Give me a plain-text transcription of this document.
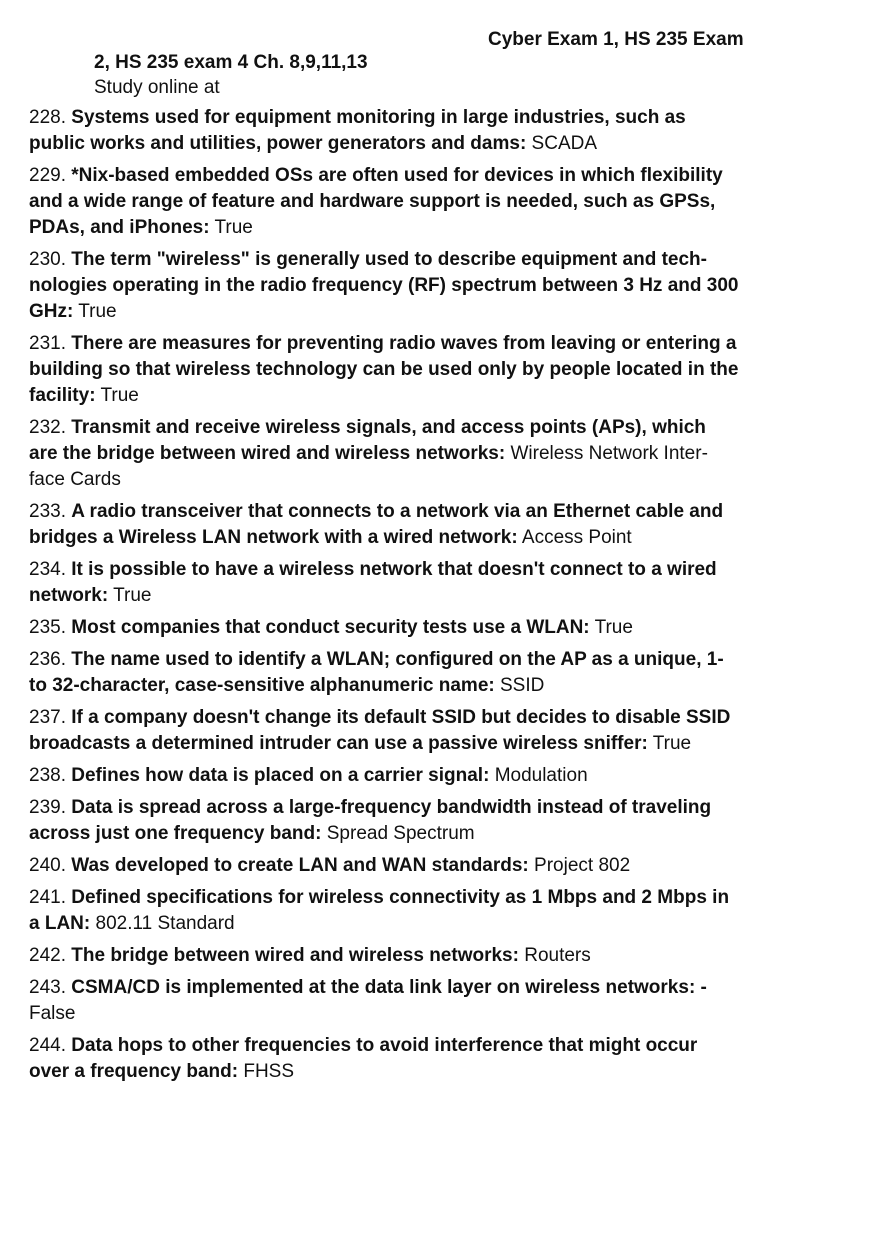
Cyber Exam 1, HS 235 Exam
2, HS 235 exam 4 Ch. 8,9,11,13
Study online at
228. Systems used for equipment monitoring in large industries, such as public works and utilities, power generators and dams: SCADA
229. *Nix-based embedded OSs are often used for devices in which flexibility and a wide range of feature and hardware support is needed, such as GPSs, PDAs, and iPhones: True
230. The term "wireless" is generally used to describe equipment and tech- nologies operating in the radio frequency (RF) spectrum between 3 Hz and 300 GHz: True
231. There are measures for preventing radio waves from leaving or entering a building so that wireless technology can be used only by people located in the facility: True
232. Transmit and receive wireless signals, and access points (APs), which are the bridge between wired and wireless networks: Wireless Network Inter- face Cards
233. A radio transceiver that connects to a network via an Ethernet cable and bridges a Wireless LAN network with a wired network: Access Point
234. It is possible to have a wireless network that doesn't connect to a wired network: True
235. Most companies that conduct security tests use a WLAN: True
236. The name used to identify a WLAN; configured on the AP as a unique, 1- to 32-character, case-sensitive alphanumeric name: SSID
237. If a company doesn't change its default SSID but decides to disable SSID broadcasts a determined intruder can use a passive wireless sniffer: True
238. Defines how data is placed on a carrier signal: Modulation
239. Data is spread across a large-frequency bandwidth instead of traveling across just one frequency band: Spread Spectrum
240. Was developed to create LAN and WAN standards: Project 802
241. Defined specifications for wireless connectivity as 1 Mbps and 2 Mbps in a LAN: 802.11 Standard
242. The bridge between wired and wireless networks: Routers
243. CSMA/CD is implemented at the data link layer on wireless networks: - False
244. Data hops to other frequencies to avoid interference that might occur over a frequency band: FHSS
